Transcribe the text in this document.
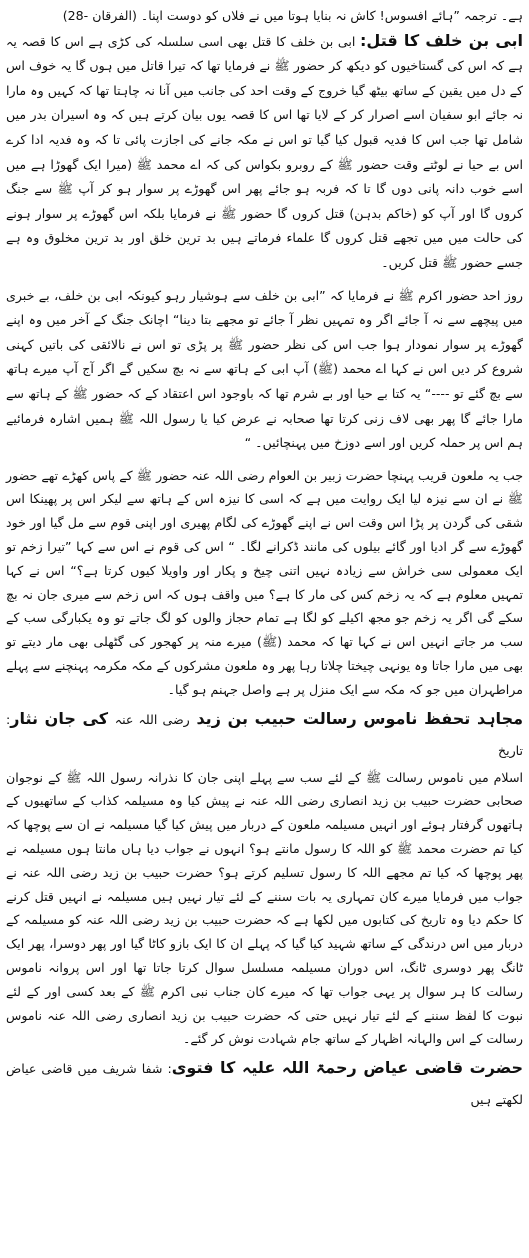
ہے۔ ترجمہ ”ہائے افسوس! کاش نہ بنایا ہوتا میں نے فلاں کو دوست اپنا۔ (الفرقان -28)

ابی بن خلف کا قتل: ابی بن خلف کا قتل بھی اسی سلسلہ کی کڑی ہے اس کا قصہ یہ ہے کہ اس کی گستاخیوں کو دیکھ کر حضور ﷺ نے فرمایا تھا کہ تیرا قاتل میں ہوں گا یہ خوف اس کے دل میں یقین کے ساتھ بیٹھ گیا خروج کے وقت احد کی جانب میں آنا نہ چاہتا تھا کہ کہیں وہ مارا نہ جائے ابو سفیان اسے اصرار کر کے لایا تھا اس کا قصہ یوں بیان کرتے ہیں کہ وہ اسیران بدر میں شامل تھا جب اس کا فدیہ قبول کیا گیا تو اس نے مکہ جانے کی اجازت پائی تا کہ وہ فدیہ ادا کرے اس بے حیا نے لوٹتے وقت حضور ﷺ کے روبرو بکواس کی کہ اے محمد ﷺ (میرا ایک گھوڑا ہے میں اسے خوب دانہ پانی دوں گا تا کہ فربہ ہو جائے پھر اس گھوڑے پر سوار ہو کر آپ ﷺ سے جنگ کروں گا اور آپ کو (خاکم بدہن) قتل کروں گا حضور ﷺ نے فرمایا بلکہ اس گھوڑے پر سوار ہونے کی حالت میں میں تجھے قتل کروں گا علماء فرماتے ہیں بد ترین خلق اور بد ترین مخلوق وہ ہے جسے حضور ﷺ قتل کریں۔

روز احد حضور اکرم ﷺ نے فرمایا کہ ”ابی بن خلف سے ہوشیار رہو کیونکہ ابی بن خلف، بے خبری میں پیچھے سے نہ آ جائے اگر وہ تمہیں نظر آ جائے تو مجھے بتا دینا“ اچانک جنگ کے آخر میں وہ اپنے گھوڑے پر سوار نمودار ہوا جب اس کی نظر حضور ﷺ پر پڑی تو اس نے نالائقی کی باتیں کہنی شروع کر دیں اس نے کہا اے محمد (ﷺ) آپ ابی کے ہاتھ سے نہ بچ سکیں گے اگر آج آپ میرے ہاتھ سے بچ گئے تو ----“ یہ کتا بے حیا اور بے شرم تھا کہ باوجود اس اعتقاد کے کہ حضور ﷺ کے ہاتھ سے مارا جائے گا پھر بھی لاف زنی کرتا تھا صحابہ نے عرض کیا یا رسول اللہ ﷺ ہمیں اشارہ فرمائیے ہم اس پر حملہ کریں اور اسے دوزخ میں پہنچائیں۔ “

جب یہ ملعون قریب پہنچا حضرت زبیر بن العوام رضی اللہ عنہ حضور ﷺ کے پاس کھڑے تھے حضور ﷺ نے ان سے نیزہ لیا ایک روایت میں ہے کہ اسی کا نیزہ اس کے ہاتھ سے لیکر اس پر پھینکا اس شقی کی گردن پر پڑا اس وقت اس نے اپنے گھوڑے کی لگام پھیری اور اپنی قوم سے مل گیا اور خود گھوڑے سے گر ادیا اور گائے بیلوں کی مانند ڈکرانے لگا۔ “ اس کی قوم نے اس سے کہا ”تیرا زخم تو ایک معمولی سی خراش سے زیادہ نہیں اتنی چیخ و پکار اور واویلا کیوں کرتا ہے؟“ اس نے کہا تمہیں معلوم ہے کہ یہ زخم کس کی مار کا ہے؟ میں واقف ہوں کہ اس زخم سے میری جان نہ بچ سکے گی اگر یہ زخم جو مجھ اکیلے کو لگا ہے تمام حجاز والوں کو لگ جاتے تو وہ یکبارگی سب کے سب مر جاتے انہیں اس نے کہا تھا کہ محمد (ﷺ) میرے منہ پر کھجور کی گٹھلی بھی مار دیتے تو بھی میں مارا جاتا وہ یونہی چیختا چلاتا رہا پھر وہ ملعون مشرکوں کے مکہ مکرمہ پہنچنے سے پہلے مراطہران میں جو کہ مکہ سے ایک منزل پر ہے واصل جہنم ہو گیا۔

مجاہد تحفظ ناموس رسالت حبیب بن زید رضی اللہ عنہ کی جان نثار: تاریخ

اسلام میں ناموس رسالت ﷺ کے لئے سب سے پہلے اپنی جان کا نذرانہ رسول اللہ ﷺ کے نوجوان صحابی حضرت حبیب بن زید انصاری رضی اللہ عنہ نے پیش کیا وہ مسیلمہ کذاب کے ساتھیوں کے ہاتھوں گرفتار ہوئے اور انہیں مسیلمہ ملعون کے دربار میں پیش کیا گیا مسیلمہ نے ان سے پوچھا کہ کیا تم حضرت محمد ﷺ کو اللہ کا رسول مانتے ہو؟ انہوں نے جواب دیا ہاں مانتا ہوں مسیلمہ نے پھر پوچھا کہ کیا تم مجھے اللہ کا رسول تسلیم کرتے ہو؟ حضرت حبیب بن زید رضی اللہ عنہ نے جواب میں فرمایا میرے کان تمہاری یہ بات سننے کے لئے تیار نہیں ہیں مسیلمہ نے انہیں قتل کرنے کا حکم دیا وہ تاریخ کی کتابوں میں لکھا ہے کہ حضرت حبیب بن زید رضی اللہ عنہ کو مسیلمہ کے دربار میں اس درندگی کے ساتھ شہید کیا گیا کہ پہلے ان کا ایک بازو کاٹا گیا اور پھر دوسرا، پھر ایک ٹانگ پھر دوسری ٹانگ، اس دوران مسیلمہ مسلسل سوال کرتا جاتا تھا اور اس پروانہ ناموس رسالت کا ہر سوال پر یہی جواب تھا کہ میرے کان جناب نبی اکرم ﷺ کے بعد کسی اور کے لئے نبوت کا لفظ سننے کے لئے تیار نہیں حتی کہ حضرت حبیب بن زید انصاری رضی اللہ عنہ ناموس رسالت کے اس والہانہ اظہار کے ساتھ جام شہادت نوش کر گئے۔

حضرت قاضی عیاض رحمۃ اللہ علیہ کا فتوی: شفا شریف میں قاضی عیاض لکھتے ہیں
